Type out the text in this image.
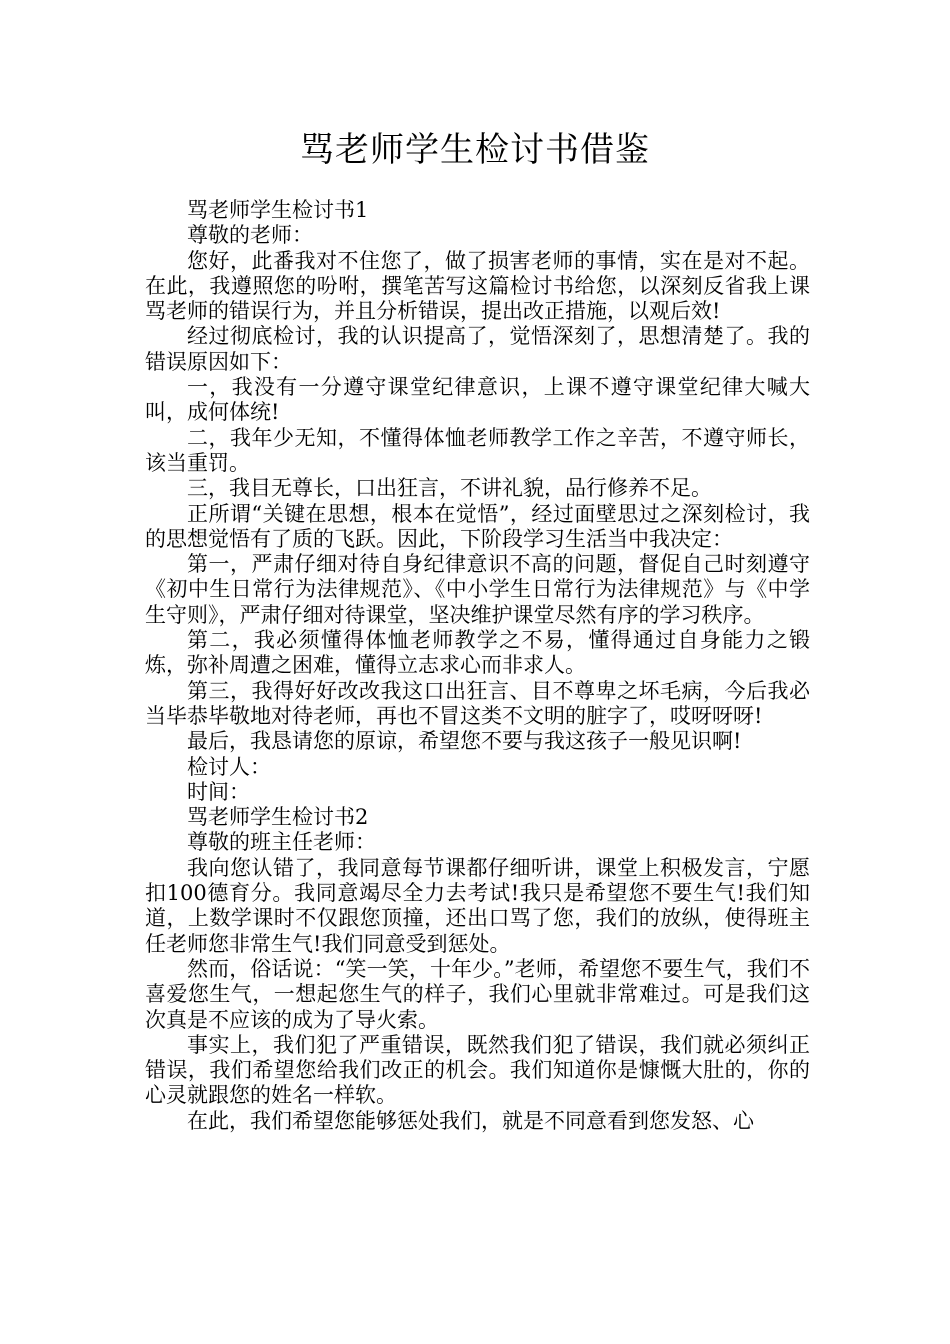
骂老师学生检讨书借鉴

骂老师学生检讨书1

尊敬的老师：

您好，此番我对不住您了，做了损害老师的事情，实在是对不起。在此，我遵照您的吩咐，撰笔苦写这篇检讨书给您，以深刻反省我上课骂老师的错误行为，并且分析错误，提出改正措施，以观后效!

经过彻底检讨，我的认识提高了，觉悟深刻了，思想清楚了。我的错误原因如下：

一，我没有一分遵守课堂纪律意识，上课不遵守课堂纪律大喊大叫，成何体统!

二，我年少无知，不懂得体恤老师教学工作之辛苦，不遵守师长，该当重罚。

三，我目无尊长，口出狂言，不讲礼貌，品行修养不足。

正所谓“关键在思想，根本在觉悟”，经过面壁思过之深刻检讨，我的思想觉悟有了质的飞跃。因此，下阶段学习生活当中我决定：

第一，严肃仔细对待自身纪律意识不高的问题，督促自己时刻遵守《初中生日常行为法律规范》、《中小学生日常行为法律规范》与《中学生守则》，严肃仔细对待课堂，坚决维护课堂尽然有序的学习秩序。

第二，我必须懂得体恤老师教学之不易，懂得通过自身能力之锻炼，弥补周遭之困难，懂得立志求心而非求人。

第三，我得好好改改我这口出狂言、目不尊卑之坏毛病，今后我必当毕恭毕敬地对待老师，再也不冒这类不文明的脏字了，哎呀呀呀!

最后，我恳请您的原谅，希望您不要与我这孩子一般见识啊!

检讨人：

时间：

骂老师学生检讨书2

尊敬的班主任老师：

我向您认错了，我同意每节课都仔细听讲，课堂上积极发言，宁愿扣100德育分。我同意竭尽全力去考试!我只是希望您不要生气!我们知道，上数学课时不仅跟您顶撞，还出口骂了您，我们的放纵，使得班主任老师您非常生气!我们同意受到惩处。

然而，俗话说：“笑一笑，十年少。”老师，希望您不要生气，我们不喜爱您生气，一想起您生气的样子，我们心里就非常难过。可是我们这次真是不应该的成为了导火索。

事实上，我们犯了严重错误，既然我们犯了错误，我们就必须纠正错误，我们希望您给我们改正的机会。我们知道你是慷慨大肚的，你的心灵就跟您的姓名一样软。

在此，我们希望您能够惩处我们，就是不同意看到您发怒、心
